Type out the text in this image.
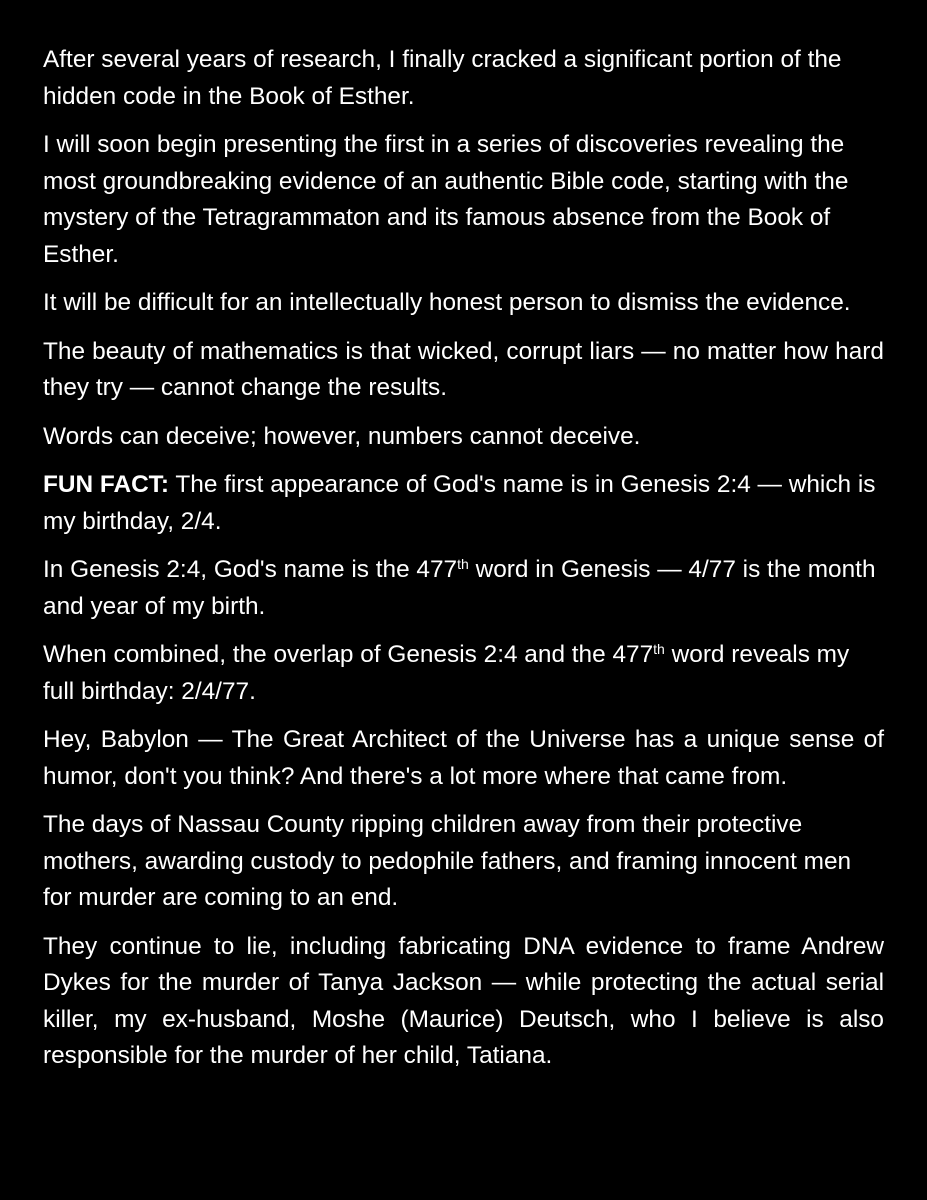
After several years of research, I finally cracked a significant portion of the hidden code in the Book of Esther.

I will soon begin presenting the first in a series of discoveries revealing the most groundbreaking evidence of an authentic Bible code, starting with the mystery of the Tetragrammaton and its famous absence from the Book of Esther.

It will be difficult for an intellectually honest person to dismiss the evidence.

The beauty of mathematics is that wicked, corrupt liars — no matter how hard they try — cannot change the results.

Words can deceive; however, numbers cannot deceive.

FUN FACT: The first appearance of God's name is in Genesis 2:4 — which is my birthday, 2/4.

In Genesis 2:4, God's name is the 477th word in Genesis — 4/77 is the month and year of my birth.

When combined, the overlap of Genesis 2:4 and the 477th word reveals my full birthday: 2/4/77.

Hey, Babylon — The Great Architect of the Universe has a unique sense of humor, don't you think? And there's a lot more where that came from.

The days of Nassau County ripping children away from their protective mothers, awarding custody to pedophile fathers, and framing innocent men for murder are coming to an end.

They continue to lie, including fabricating DNA evidence to frame Andrew Dykes for the murder of Tanya Jackson — while protecting the actual serial killer, my ex-husband, Moshe (Maurice) Deutsch, who I believe is also responsible for the murder of her child, Tatiana.
